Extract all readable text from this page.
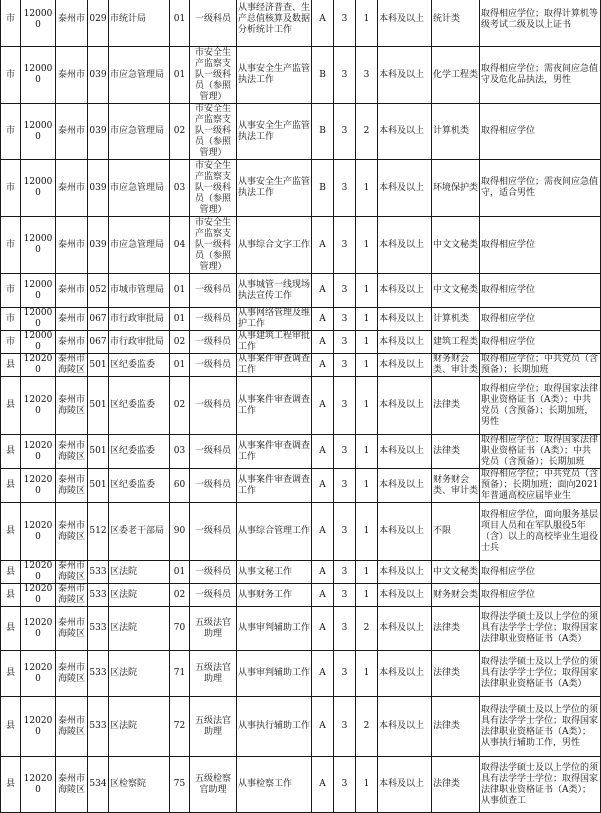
市	120000	泰州市	029	市统计局	01	一级科员	从事经济普查、生产总值核算及数据分析统计工作	A	3	1	本科及以上	统计类	取得相应学位；取得计算机等级考试二级及以上证书
市	120000	泰州市	039	市应急管理局	01	市安全生产监察支队一级科员（参照管理）	从事安全生产监管执法工作	B	3	3	本科及以上	化学工程类	取得相应学位；需夜间应急值守及危化品执法，男性
市	120000	泰州市	039	市应急管理局	02	市安全生产监察支队一级科员（参照管理）	从事安全生产监管执法工作	B	3	2	本科及以上	计算机类	取得相应学位
市	120000	泰州市	039	市应急管理局	03	市安全生产监察支队一级科员（参照管理）	从事安全生产监管执法工作	B	3	1	本科及以上	环境保护类	取得相应学位；需夜间应急值守，适合男性
市	120000	泰州市	039	市应急管理局	04	市安全生产监察支队一级科员（参照管理）	从事综合文字工作	A	3	1	本科及以上	中文文秘类	取得相应学位
市	120000	泰州市	052	市城市管理局	01	一级科员	从事城管一线现场执法宣传工作	A	3	1	本科及以上	中文文秘类	取得相应学位
市	120000	泰州市	067	市行政审批局	01	一级科员	从事网络管理及维护工作	A	3	1	本科及以上	计算机类	取得相应学位
市	120000	泰州市	067	市行政审批局	02	一级科员	从事建筑工程审批工作	A	3	1	本科及以上	建筑工程类	取得相应学位
县	120200	泰州市海陵区	501	区纪委监委	01	一级科员	从事案件审查调查工作	A	3	1	本科及以上	财务财会类、审计类	取得相应学位；中共党员（含预备）；长期加班
县	120200	泰州市海陵区	501	区纪委监委	02	一级科员	从事案件审查调查工作	A	3	1	本科及以上	法律类	取得相应学位；取得国家法律职业资格证书（A类）；中共党员（含预备）；长期加班，男性
县	120200	泰州市海陵区	501	区纪委监委	03	一级科员	从事案件审查调查工作	A	3	1	本科及以上	法律类	取得相应学位；取得国家法律职业资格证书（A类）；中共党员（含预备）；长期加班
县	120200	泰州市海陵区	501	区纪委监委	60	一级科员	从事案件审查调查工作	A	3	1	本科及以上	财务财会类、审计类	取得相应学位；中共党员（含预备）；长期加班；面向2021年普通高校应届毕业生
县	120200	泰州市海陵区	512	区委老干部局	90	一级科员	从事综合管理工作	A	3	1	本科及以上	不限	取得相应学位，面向服务基层项目人员和在军队服役5年（含）以上的高校毕业生退役士兵
县	120200	泰州市海陵区	533	区法院	01	一级科员	从事文秘工作	A	3	1	本科及以上	中文文秘类	取得相应学位
县	120200	泰州市海陵区	533	区法院	02	一级科员	从事财务工作	A	3	1	本科及以上	财务财会类	取得相应学位
县	120200	泰州市海陵区	533	区法院	70	五级法官助理	从事审判辅助工作	A	3	2	本科及以上	法律类	取得法学硕士及以上学位的须具有法学学士学位；取得国家法律职业资格证书（A类）
县	120200	泰州市海陵区	533	区法院	71	五级法官助理	从事审判辅助工作	A	3	1	本科及以上	法律类	取得法学硕士及以上学位的须具有法学学士学位；取得国家法律职业资格证书（A类）
县	120200	泰州市海陵区	533	区法院	72	五级法官助理	从事执行辅助工作	A	3	2	本科及以上	法律类	取得法学硕士及以上学位的须具有法学学士学位；取得国家法律职业资格证书（A类）；从事执行辅助工作，男性
县	120200	泰州市海陵区	534	区检察院	75	五级检察官助理	从事检察工作	A	3	1	本科及以上	法律类	取得法学硕士及以上学位的须具有法学学士学位；取得国家法律职业资格证书（A类）；从事侦查工
